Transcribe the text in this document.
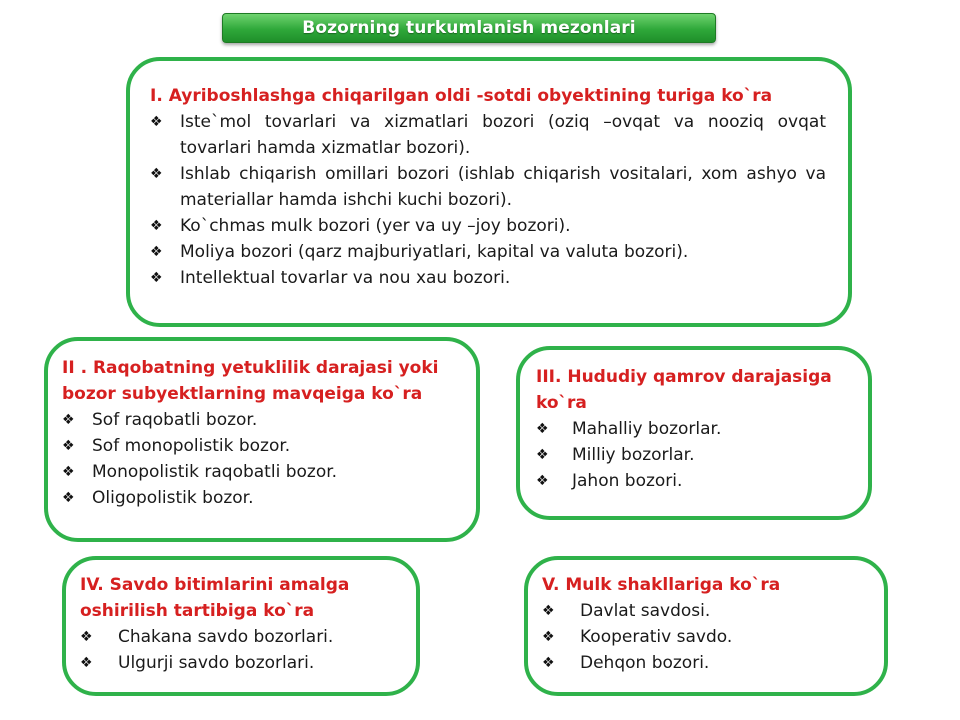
Bozorning turkumlanish mezonlari
I. Ayriboshlashga chiqarilgan oldi -sotdi obyektining turiga ko`ra
❖	Iste`mol tovarlari va xizmatlari bozori (oziq –ovqat va nooziq ovqat tovarlari hamda xizmatlar bozori).
❖	Ishlab chiqarish omillari bozori (ishlab chiqarish vositalari, xom ashyo va materiallar hamda ishchi kuchi bozori).
❖	Ko`chmas mulk bozori (yer va uy –joy bozori).
❖	Moliya bozori (qarz majburiyatlari, kapital va valuta bozori).
❖	Intellektual tovarlar va nou xau bozori.
II . Raqobatning yetuklilik darajasi yoki bozor subyektlarning mavqeiga ko`ra
❖	Sof raqobatli bozor.
❖	Sof monopolistik bozor.
❖	Monopolistik raqobatli bozor.
❖	Oligopolistik bozor.
III. Hududiy qamrov darajasiga ko`ra
❖	Mahalliy bozorlar.
❖	Milliy bozorlar.
❖	Jahon bozori.
IV. Savdo bitimlarini amalga oshirilish tartibiga ko`ra
❖	Chakana savdo bozorlari.
❖	Ulgurji savdo bozorlari.
V. Mulk shakllariga ko`ra
❖	Davlat savdosi.
❖	Kooperativ savdo.
❖	Dehqon bozori.
